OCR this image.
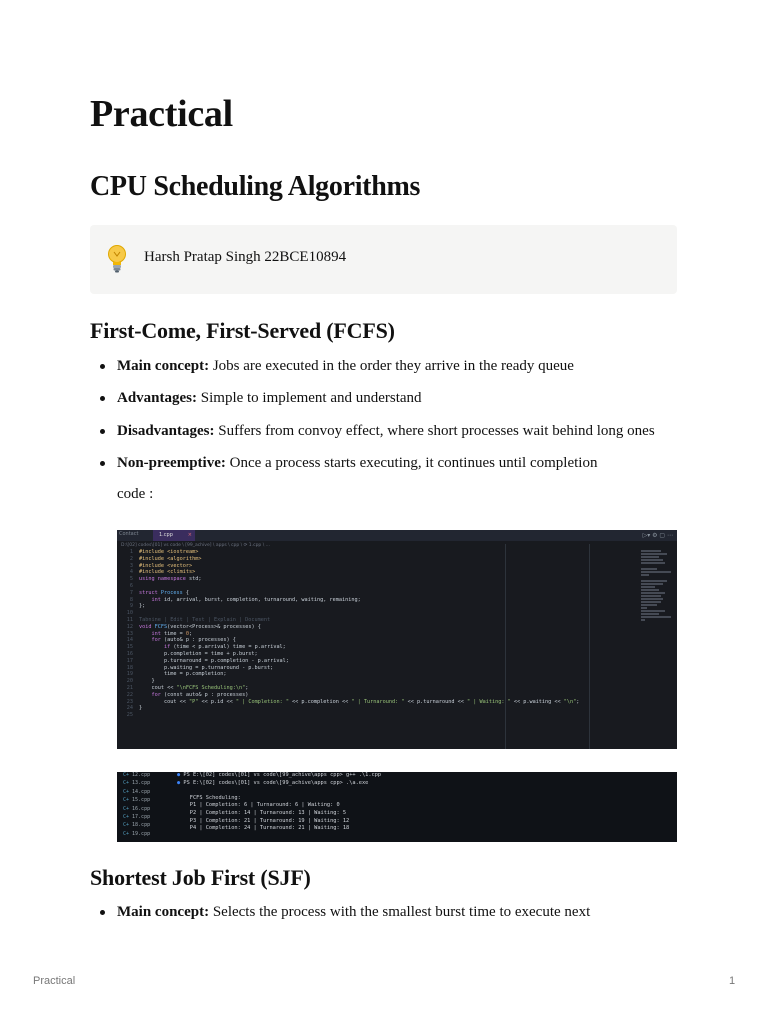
Practical
CPU Scheduling Algorithms
Harsh Pratap Singh 22BCE10894
First-Come, First-Served (FCFS)
Main concept: Jobs are executed in the order they arrive in the ready queue
Advantages: Simple to implement and understand
Disadvantages: Suffers from convoy effect, where short processes wait behind long ones
Non-preemptive: Once a process starts executing, it continues until completion
code :
Contact	1.cpp	×	▷▾ ⚙ ▢ ⋯
D:\[02] codes\[01] vs code \ [99_achive] \ apps \ cpp \ ⟳ 1.cpp \ ...
1 #include <iostream>
2 #include <algorithm>
3 #include <vector>
4 #include <climits>
5 using namespace std;
6
7 struct Process {
8	int id, arrival, burst, completion, turnaround, waiting, remaining;
9 };
10
11 Tabnine | Edit | Test | Explain | Document
12 void FCFS(vector<Process>& processes) {
13	int time = 0;
14	for (auto& p : processes) {
15	if (time < p.arrival) time = p.arrival;
16        p.completion = time + p.burst;
17        p.turnaround = p.completion - p.arrival;
18        p.waiting = p.turnaround - p.burst;
19        time = p.completion;
20    }
21    cout << "\nFCFS Scheduling:\n";
22	for (const auto& p : processes)
23        cout << "P" << p.id << " | Completion: " << p.completion << " | Turnaround: " << p.turnaround << " | Waiting: " << p.waiting << "\n";
24 }
25
C+ 12.cpp
C+ 13.cpp
C+ 14.cpp
C+ 15.cpp
C+ 16.cpp
C+ 17.cpp
C+ 18.cpp
C+ 19.cpp
● PS E:\[02] codes\[01] vs code\[99_achive\apps cpp> g++ .\1.cpp
● PS E:\[02] codes\[01] vs code\[99_achive\apps cpp> .\a.exe

FCFS Scheduling:
P1 | Completion: 6 | Turnaround: 6 | Waiting: 0
P2 | Completion: 14 | Turnaround: 13 | Waiting: 5
P3 | Completion: 21 | Turnaround: 19 | Waiting: 12
P4 | Completion: 24 | Turnaround: 21 | Waiting: 18
Shortest Job First (SJF)
Main concept: Selects the process with the smallest burst time to execute next
Practical	1
